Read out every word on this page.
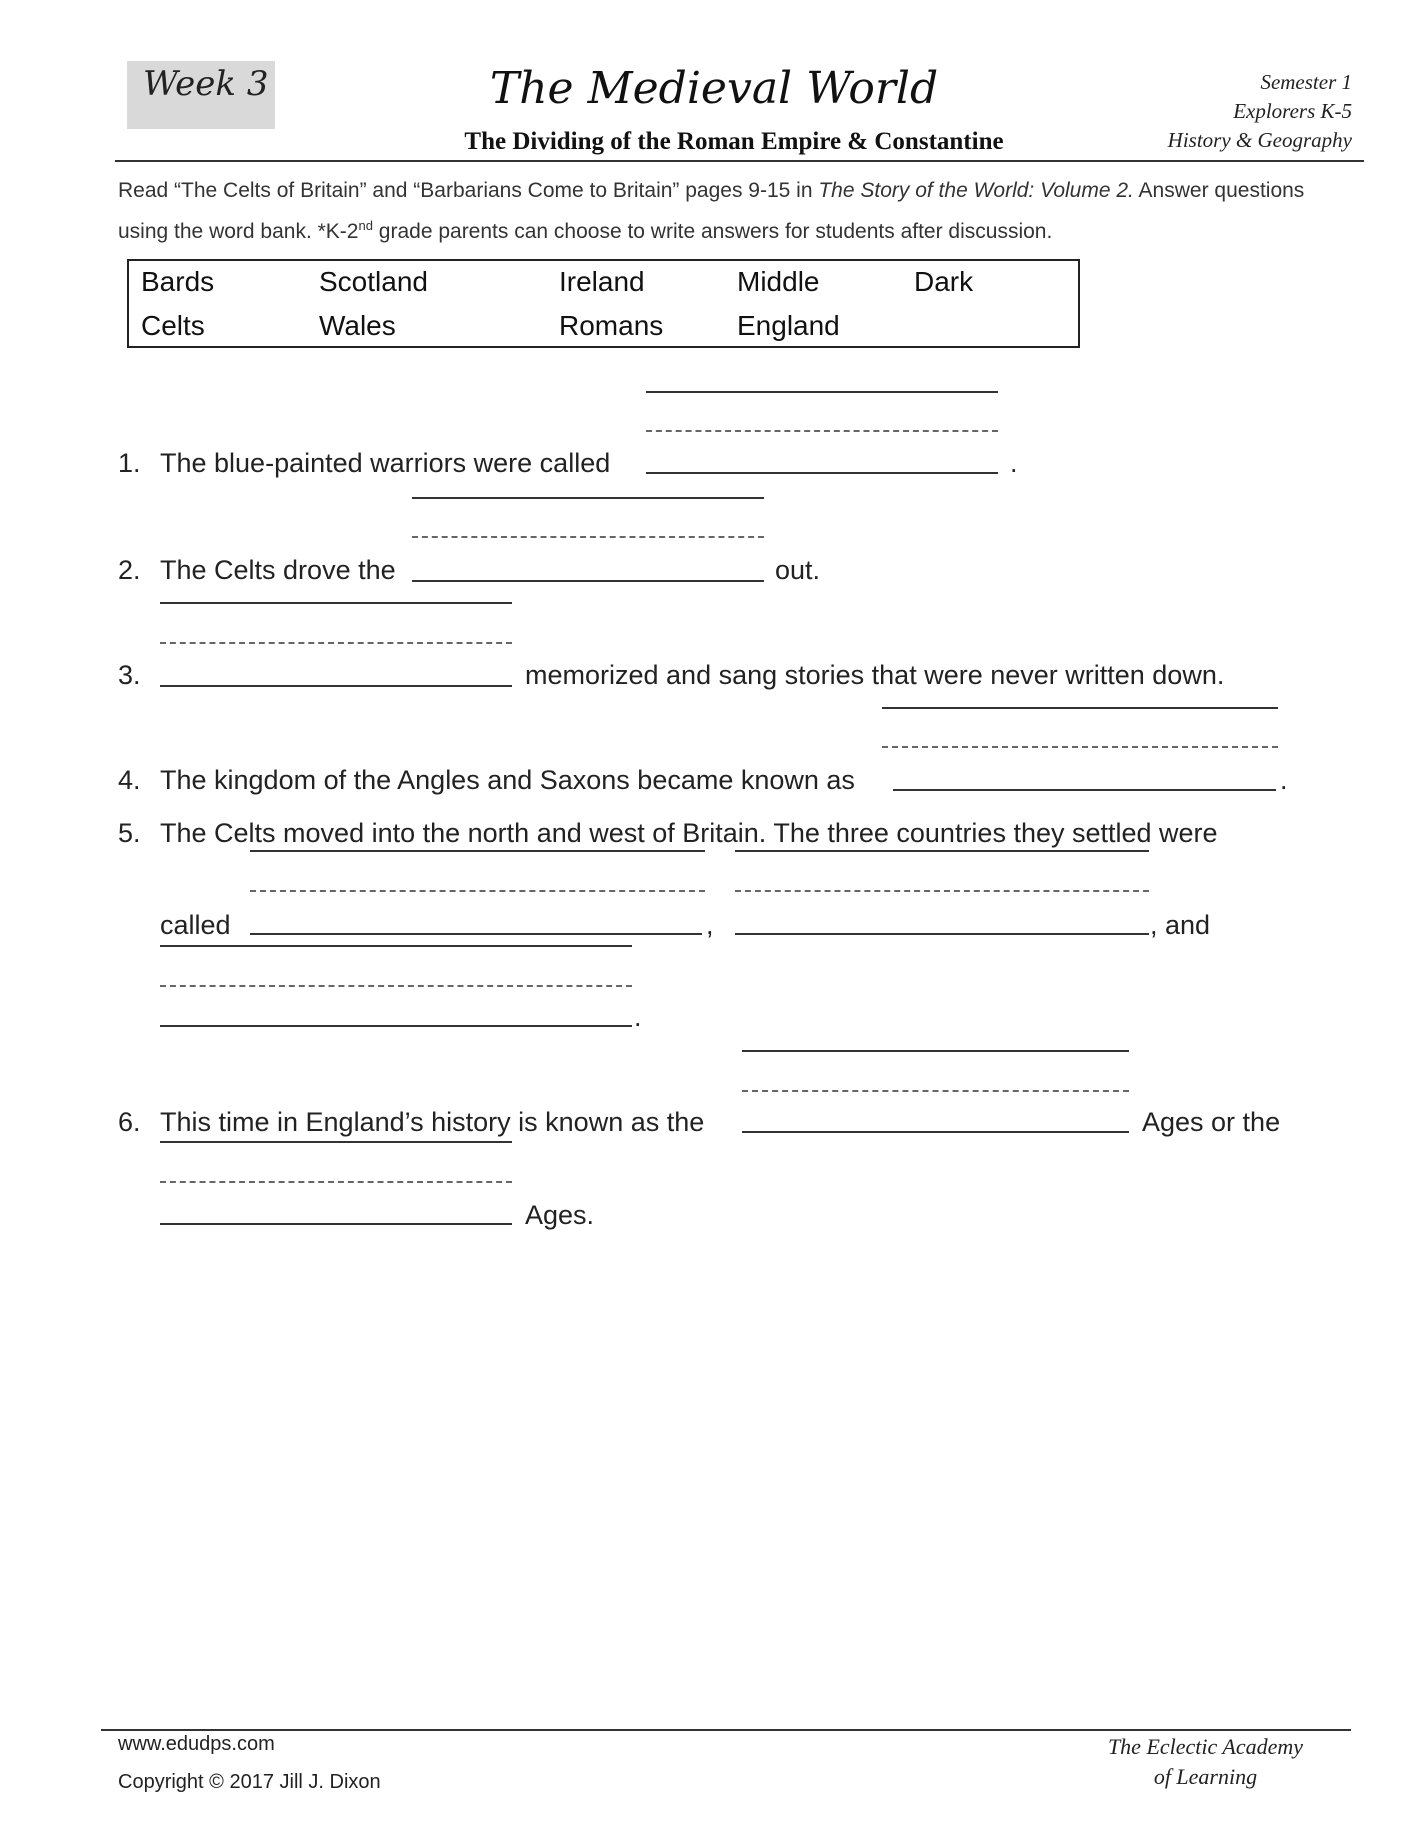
Week 3	The Medieval World
The Dividing of the Roman Empire & Constantine
Semester 1
Explorers K-5
History & Geography

Read “The Celts of Britain” and “Barbarians Come to Britain” pages 9-15 in The Story of the World: Volume 2. Answer questions using the word bank. *K-2nd grade parents can choose to write answers for students after discussion.

Bards	Scotland	Ireland	Middle	Dark
Celts	Wales	Romans	England
1. The blue-painted warriors were called	.
2. The Celts drove the	out.
3.	memorized and sang stories that were never written down.
4. The kingdom of the Angles and Saxons became known as	.
5. The Celts moved into the north and west of Britain. The three countries they settled were
called	,	, and
.
6. This time in England’s history is known as the	Ages or the
Ages.
www.edudps.com
Copyright © 2017 Jill J. Dixon
The Eclectic Academy
of Learning
